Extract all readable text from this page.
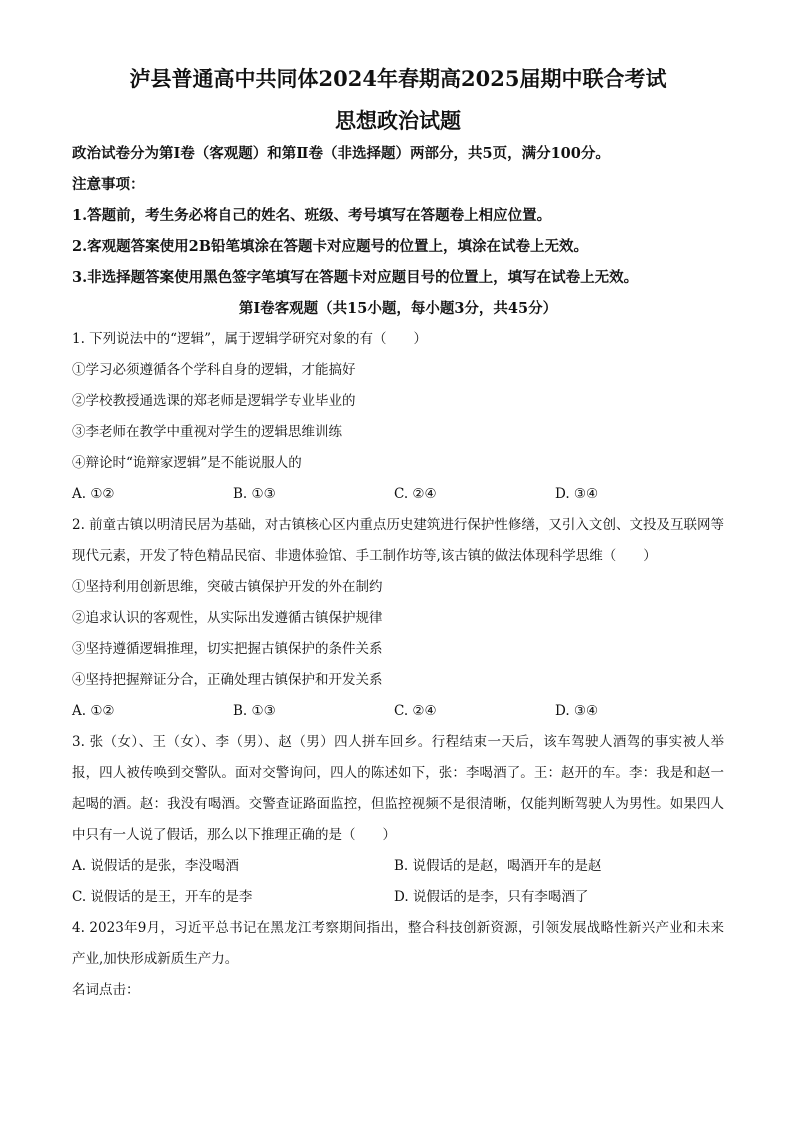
泸县普通高中共同体2024年春期高2025届期中联合考试
思想政治试题
政治试卷分为第Ⅰ卷（客观题）和第Ⅱ卷（非选择题）两部分，共5页，满分100分。
注意事项：
1.答题前，考生务必将自己的姓名、班级、考号填写在答题卷上相应位置。
2.客观题答案使用2B铅笔填涂在答题卡对应题号的位置上，填涂在试卷上无效。
3.非选择题答案使用黑色签字笔填写在答题卡对应题目号的位置上，填写在试卷上无效。
第Ⅰ卷客观题（共15小题，每小题3分，共45分）
1. 下列说法中的“逻辑”，属于逻辑学研究对象的有（　　）
①学习必须遵循各个学科自身的逻辑，才能搞好
②学校教授通选课的郑老师是逻辑学专业毕业的
③李老师在教学中重视对学生的逻辑思维训练
④辩论时“诡辩家逻辑”是不能说服人的
A. ①②	B. ①③	C. ②④	D. ③④
2. 前童古镇以明清民居为基础，对古镇核心区内重点历史建筑进行保护性修缮，又引入文创、文投及互联网等现代元素，开发了特色精品民宿、非遗体验馆、手工制作坊等,该古镇的做法体现科学思维（　　）
①坚持利用创新思维，突破古镇保护开发的外在制约
②追求认识的客观性，从实际出发遵循古镇保护规律
③坚持遵循逻辑推理，切实把握古镇保护的条件关系
④坚持把握辩证分合，正确处理古镇保护和开发关系
A. ①②	B. ①③	C. ②④	D. ③④
3. 张（女）、王（女）、李（男）、赵（男）四人拼车回乡。行程结束一天后，该车驾驶人酒驾的事实被人举报，四人被传唤到交警队。面对交警询问，四人的陈述如下，张：李喝酒了。王：赵开的车。李：我是和赵一起喝的酒。赵：我没有喝酒。交警查证路面监控，但监控视频不是很清晰，仅能判断驾驶人为男性。如果四人中只有一人说了假话，那么以下推理正确的是（　　）
A. 说假话的是张，李没喝酒	B. 说假话的是赵，喝酒开车的是赵
C. 说假话的是王，开车的是李	D. 说假话的是李，只有李喝酒了
4. 2023年9月，习近平总书记在黑龙江考察期间指出，整合科技创新资源，引领发展战略性新兴产业和未来产业,加快形成新质生产力。
名词点击：
